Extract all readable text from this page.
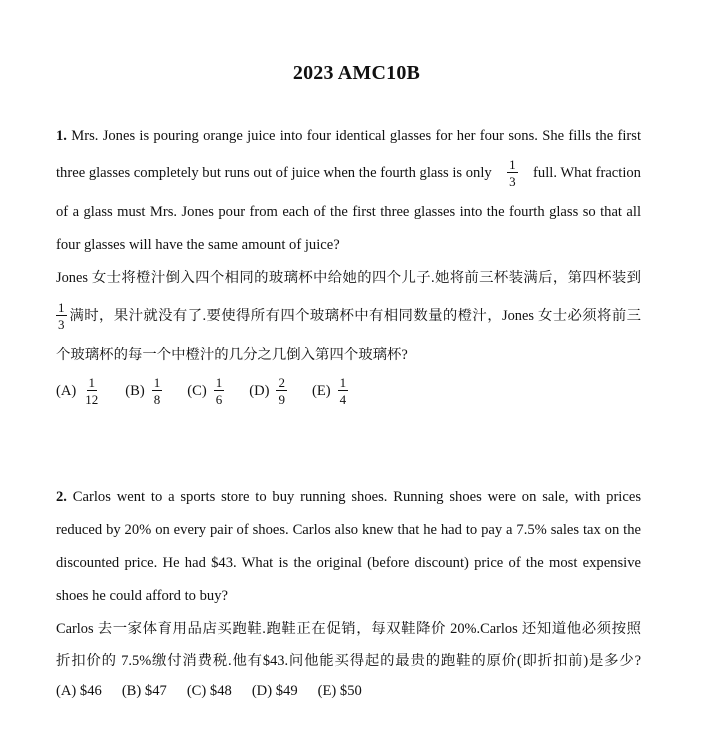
2023 AMC10B
1. Mrs. Jones is pouring orange juice into four identical glasses for her four sons. She fills the first
three glasses completely but runs out of juice when the fourth glass is only $\frac{1}{3}$ full. What fraction
of a glass must Mrs. Jones pour from each of the first three glasses into the fourth glass so that all
four glasses will have the same amount of juice?
Jones 女士将橙汁倒入四个相同的玻璃杯中给她的四个儿子.她将前三杯装满后，第四杯装到
$\frac{1}{3}$ 满时，果汁就没有了.要使得所有四个玻璃杯中有相同数量的橙汁，Jones 女士必须将前三
个玻璃杯的每一个中橙汁的几分之几倒入第四个玻璃杯?
$(A) \frac{1}{12} (B) \frac{1}{8} (C) \frac{1}{6} (D) \frac{2}{9} (E) \frac{1}{4}$
2. Carlos went to a sports store to buy running shoes. Running shoes were on sale, with prices
reduced by 20% on every pair of shoes. Carlos also knew that he had to pay a 7.5% sales tax on the
discounted price. He had $43. What is the original (before discount) price of the most expensive
shoes he could afford to buy?
Carlos 去一家体育用品店买跑鞋.跑鞋正在促销，每双鞋降价 20%.Carlos 还知道他必须按照
折扣价的 7.5%缴付消费税.他有$43.问他能买得起的最贵的跑鞋的原价(即折扣前)是多少?
(A) $46 (B) $47 (C) $48 (D) $49 (E) $50
